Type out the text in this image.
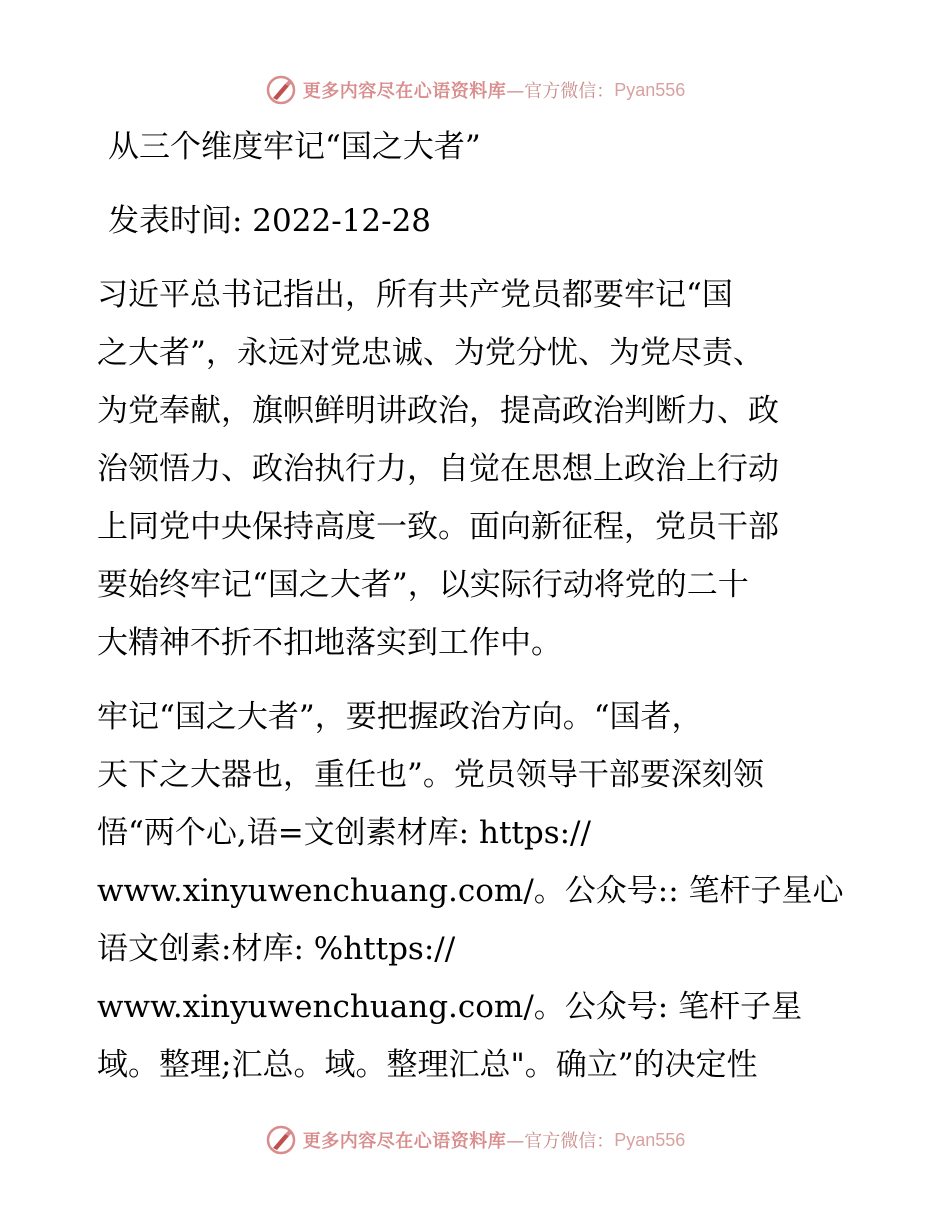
更多内容尽在心语资料库 —官方微信： Pyan556
从三个维度牢记“国之大者”
发表时间: 2022-12-28
习近平总书记指出，所有共产党员都要牢记“国
之大者”，永远对党忠诚、为党分忧、为党尽责、
为党奉献，旗帜鲜明讲政治，提高政治判断力、政
治领悟力、政治执行力，自觉在思想上政治上行动
上同党中央保持高度一致。面向新征程，党员干部
要始终牢记“国之大者”，以实际行动将党的二十
大精神不折不扣地落实到工作中。
牢记“国之大者”，要把握政治方向。“国者，
天下之大器也，重任也”。党员领导干部要深刻领
悟“两个心,语=文创素材库: https://
www.xinyuwenchuang.com/。公众号:: 笔杆子星心
语文创素:材库: %https://
www.xinyuwenchuang.com/。公众号: 笔杆子星
域。整理;汇总。域。整理汇总"。确立”的决定性
更多内容尽在心语资料库 —官方微信： Pyan556
